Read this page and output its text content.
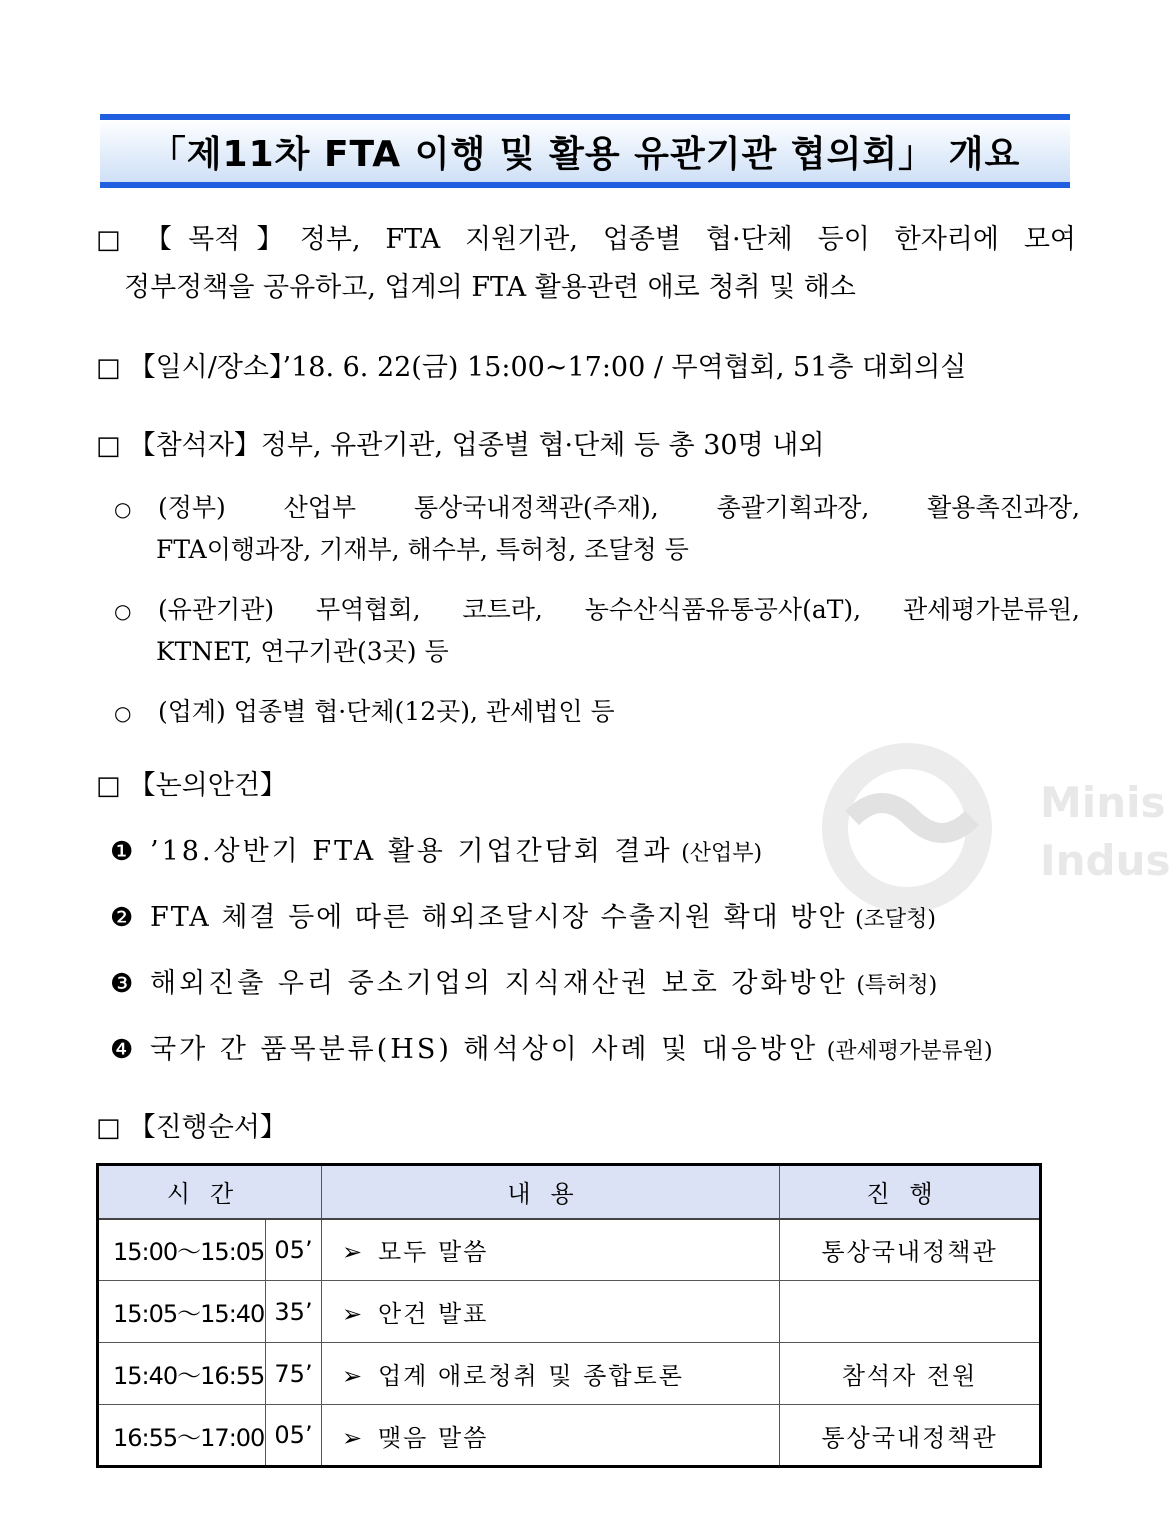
Minis
Indus
「제11차 FTA 이행 및 활용 유관기관 협의회」 개요
□ 【목적】정부, FTA 지원기관, 업종별 협·단체 등이 한자리에 모여
정부정책을 공유하고, 업계의 FTA 활용관련 애로 청취 및 해소
□ 【일시/장소】’18. 6. 22(금) 15:00~17:00 / 무역협회, 51층 대회의실
□ 【참석자】정부, 유관기관, 업종별 협·단체 등 총 30명 내외
○ (정부) 산업부 통상국내정책관(주재), 총괄기획과장, 활용촉진과장,
FTA이행과장, 기재부, 해수부, 특허청, 조달청 등
○ (유관기관) 무역협회, 코트라, 농수산식품유통공사(aT), 관세평가분류원,
KTNET, 연구기관(3곳) 등
○ (업계) 업종별 협·단체(12곳), 관세법인 등
□ 【논의안건】
❶ ’18.상반기 FTA 활용 기업간담회 결과 (산업부)
❷ FTA 체결 등에 따른 해외조달시장 수출지원 확대 방안 (조달청)
❸ 해외진출 우리 중소기업의 지식재산권 보호 강화방안 (특허청)
❹ 국가 간 품목분류(HS) 해석상이 사례 및 대응방안 (관세평가분류원)
□ 【진행순서】
시간		내용	진행
15:00～15:05	05’	➢ 모두 말씀	통상국내정책관
15:05～15:40	35’	➢ 안건 발표	
15:40～16:55	75’	➢ 업계 애로청취 및 종합토론	참석자 전원
16:55～17:00	05’	➢ 맺음 말씀	통상국내정책관
